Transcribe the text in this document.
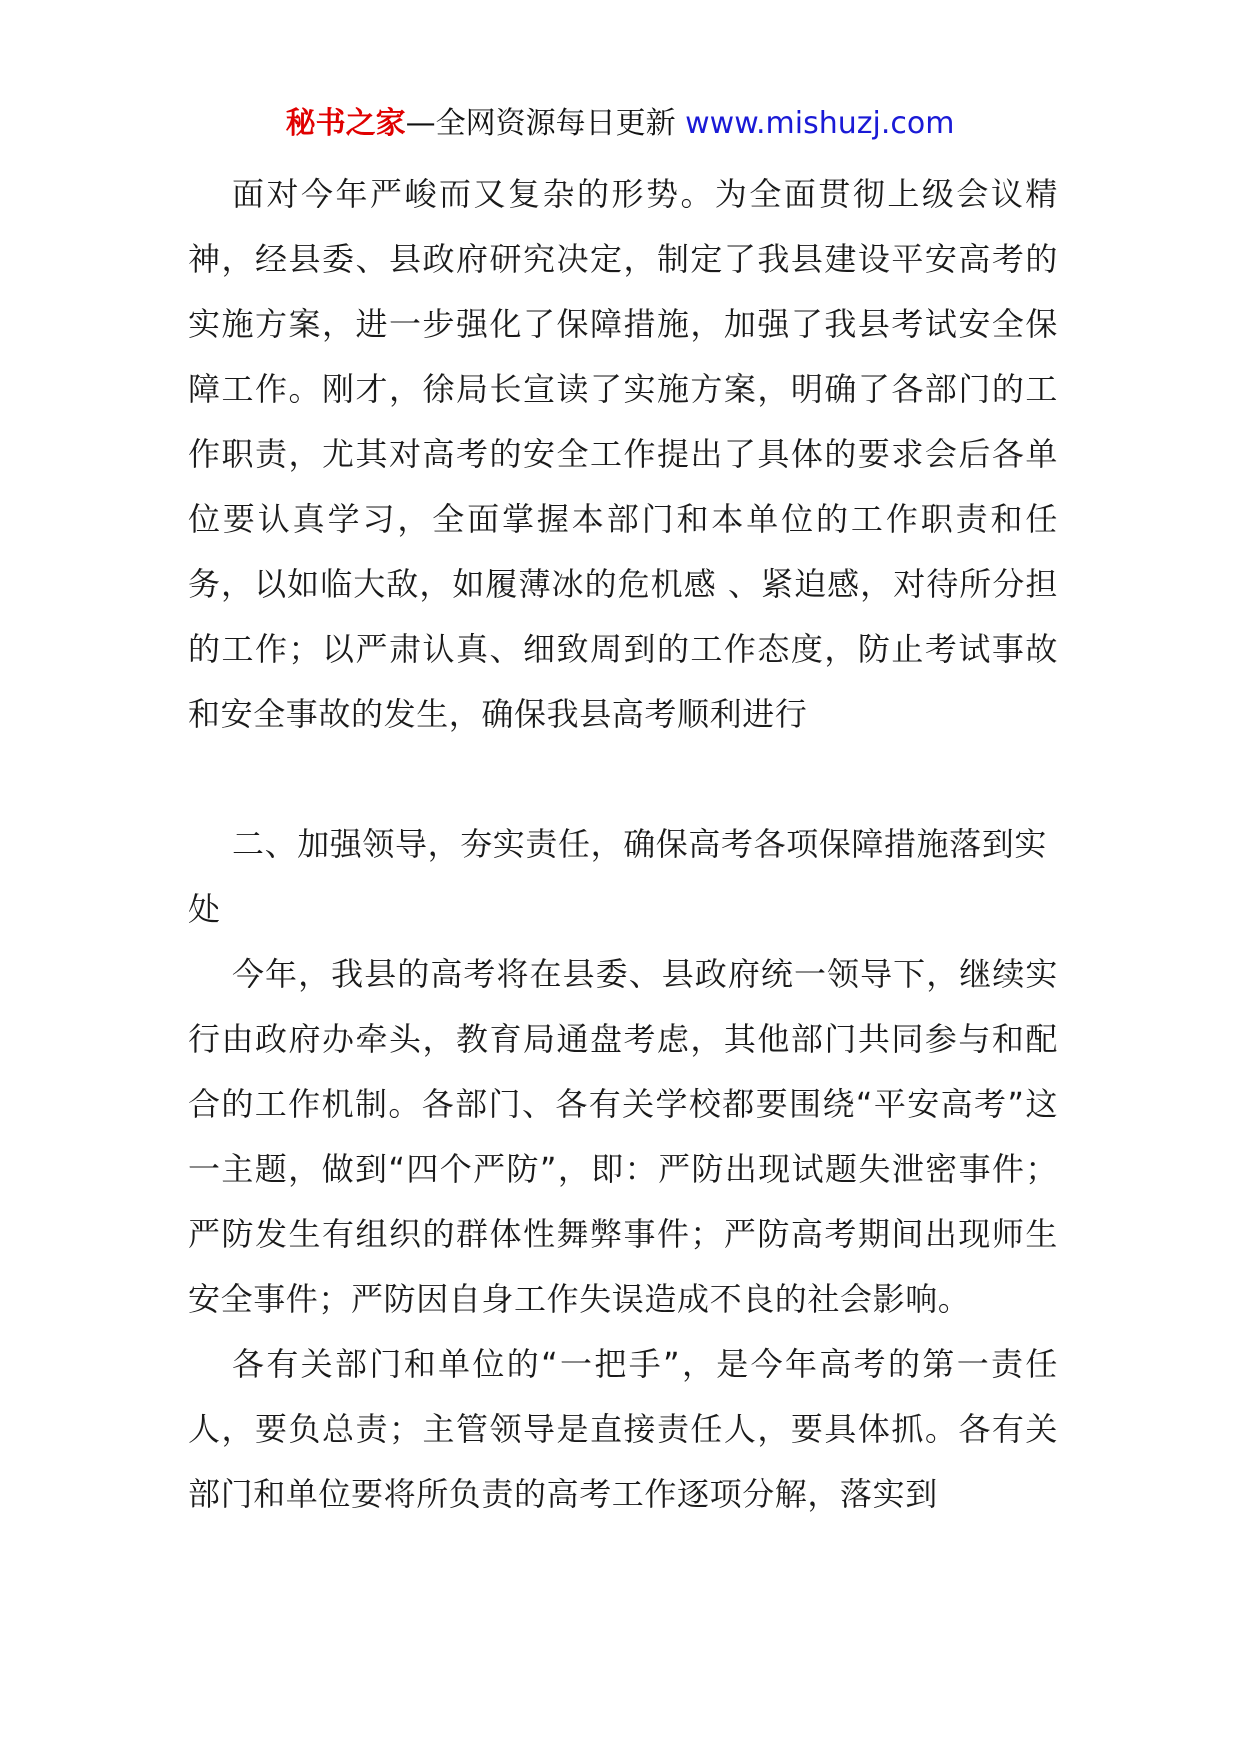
秘书之家—全网资源每日更新 www.mishuzj.com

面对今年严峻而又复杂的形势。为全面贯彻上级会议精神，经县委、县政府研究决定，制定了我县建设平安高考的实施方案，进一步强化了保障措施，加强了我县考试安全保障工作。刚才，徐局长宣读了实施方案，明确了各部门的工作职责，尤其对高考的安全工作提出了具体的要求会后各单位要认真学习，全面掌握本部门和本单位的工作职责和任务，以如临大敌，如履薄冰的危机感 、紧迫感，对待所分担的工作；以严肃认真、细致周到的工作态度，防止考试事故和安全事故的发生，确保我县高考顺利进行

二、加强领导，夯实责任，确保高考各项保障措施落到实处

今年，我县的高考将在县委、县政府统一领导下，继续实行由政府办牵头，教育局通盘考虑，其他部门共同参与和配合的工作机制。各部门、各有关学校都要围绕“平安高考”这一主题，做到“四个严防”，即：严防出现试题失泄密事件；严防发生有组织的群体性舞弊事件；严防高考期间出现师生安全事件；严防因自身工作失误造成不良的社会影响。

各有关部门和单位的“一把手”，是今年高考的第一责任人，要负总责；主管领导是直接责任人，要具体抓。各有关部门和单位要将所负责的高考工作逐项分解，落实到
